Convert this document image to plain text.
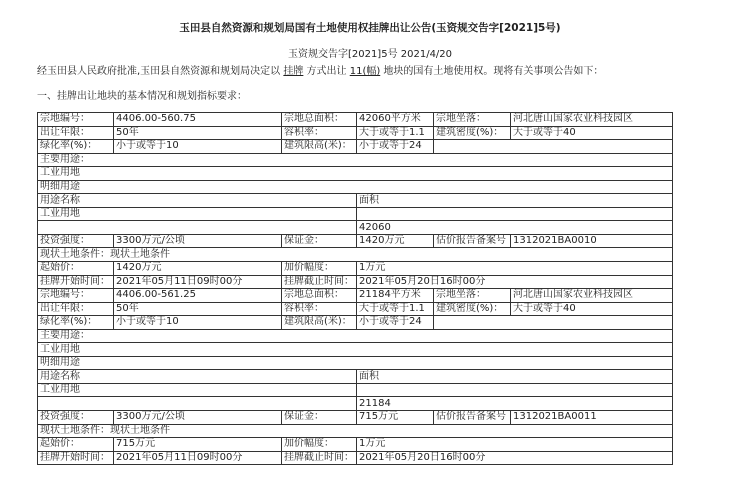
玉田县自然资源和规划局国有土地使用权挂牌出让公告(玉资规交告字[2021]5号)
玉资规交告字[2021]5号 2021/4/20
经玉田县人民政府批准,玉田县自然资源和规划局决定以 挂牌 方式出让 11(幅) 地块的国有土地使用权。现将有关事项公告如下：
一、挂牌出让地块的基本情况和规划指标要求：
宗地编号：	4406.00-560.75	宗地总面积：	42060平方米	宗地坐落：	河北唐山国家农业科技园区
出让年限：	50年	容积率：	大于或等于1.1	建筑密度(%)：	大于或等于40
绿化率(%)：	小于或等于10	建筑限高(米)：	小于或等于24		
主要用途：					
工业用地					
明细用途					
用途名称			面积		
工业用地					
			42060		
投资强度：	3300万元/公顷	保证金：	1420万元	估价报告备案号	1312021BA0010
现状土地条件：现状土地条件					
起始价：	1420万元	加价幅度：	1万元		
挂牌开始时间：	2021年05月11日09时00分	挂牌截止时间：	2021年05月20日16时00分		
宗地编号：	4406.00-561.25	宗地总面积：	21184平方米	宗地坐落：	河北唐山国家农业科技园区
出让年限：	50年	容积率：	大于或等于1.1	建筑密度(%)：	大于或等于40
绿化率(%)：	小于或等于10	建筑限高(米)：	小于或等于24		
主要用途：					
工业用地					
明细用途					
用途名称			面积		
工业用地					
			21184		
投资强度：	3300万元/公顷	保证金：	715万元	估价报告备案号	1312021BA0011
现状土地条件：现状土地条件					
起始价：	715万元	加价幅度：	1万元		
挂牌开始时间：	2021年05月11日09时00分	挂牌截止时间：	2021年05月20日16时00分		
